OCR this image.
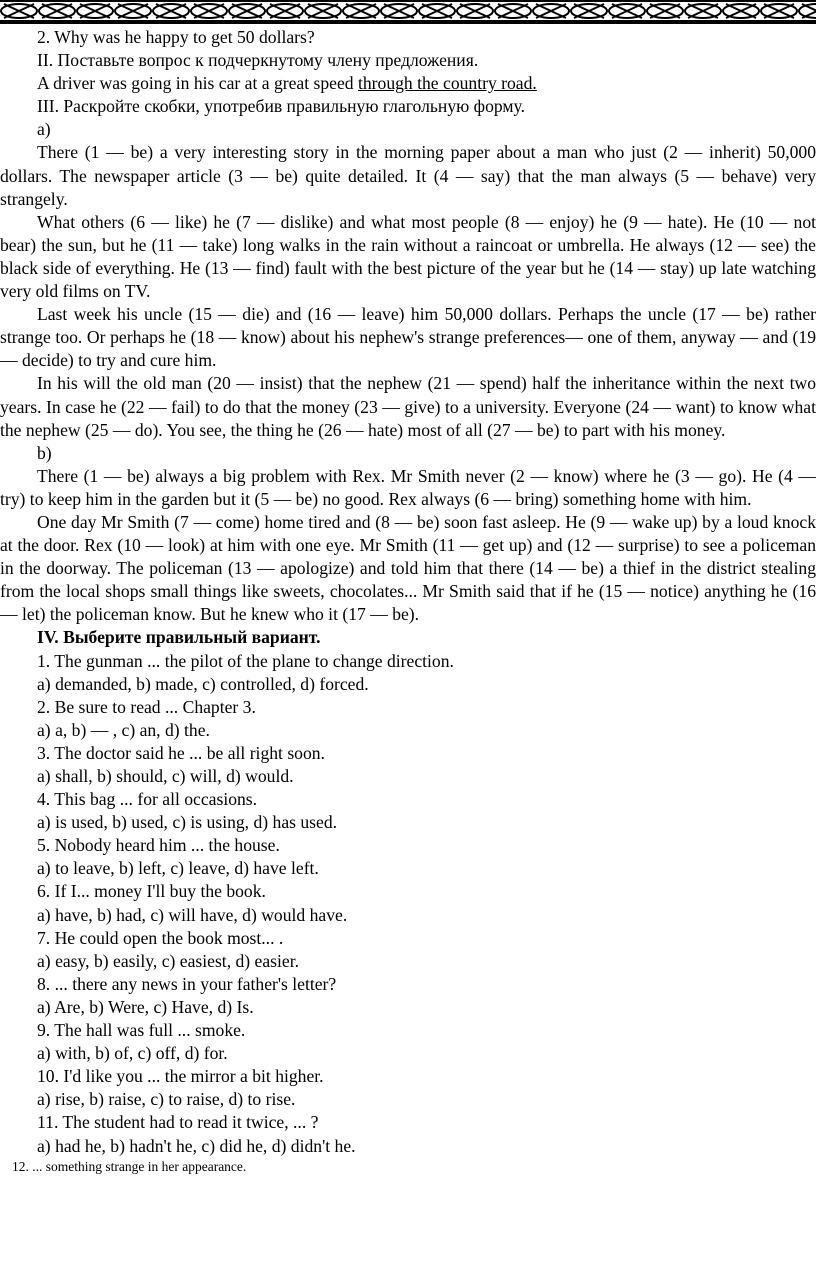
2. Why was he happy to get 50 dollars?

II. Поставьте вопрос к подчеркнутому члену предложения.

A driver was going in his car at a great speed through the country road.

III. Раскройте скобки, употребив правильную глагольную форму.

а)

There (1 — be) a very interesting story in the morning paper about a man who just (2 — inherit) 50,000 dollars. The newspaper article (3 — be) quite detailed. It (4 — say) that the man always (5 — behave) very strangely.

What others (6 — like) he (7 — dislike) and what most people (8 — enjoy) he (9 — hate). He (10 — not bear) the sun, but he (11 — take) long walks in the rain without a raincoat or umbrella. He always (12 — see) the black side of everything. He (13 — find) fault with the best picture of the year but he (14 — stay) up late watching very old films on TV.

Last week his uncle (15 — die) and (16 — leave) him 50,000 dollars. Perhaps the uncle (17 — be) rather strange too. Or perhaps he (18 — know) about his nephew's strange preferences— one of them, anyway — and (19 — decide) to try and cure him.

In his will the old man (20 — insist) that the nephew (21 — spend) half the inheritance within the next two years. In case he (22 — fail) to do that the money (23 — give) to a university. Everyone (24 — want) to know what the nephew (25 — do). You see, the thing he (26 — hate) most of all (27 — be) to part with his money.

b)

There (1 — be) always a big problem with Rex. Mr Smith never (2 — know) where he (3 — go). He (4 — try) to keep him in the garden but it (5 — be) no good. Rex always (6 — bring) something home with him.

One day Mr Smith (7 — come) home tired and (8 — be) soon fast asleep. He (9 — wake up) by a loud knock at the door. Rex (10 — look) at him with one eye. Mr Smith (11 — get up) and (12 — surprise) to see a policeman in the doorway. The policeman (13 — apologize) and told him that there (14 — be) a thief in the district stealing from the local shops small things like sweets, chocolates... Mr Smith said that if he (15 — notice) anything he (16 — let) the policeman know. But he knew who it (17 — be).

IV. Выберите правильный вариант.

1. The gunman ... the pilot of the plane to change direction.

a) demanded, b) made, c) controlled, d) forced.

2. Be sure to read ... Chapter 3.

a) a, b) — , c) an, d) the.

3. The doctor said he ... be all right soon.

a) shall, b) should, c) will, d) would.

4. This bag ... for all occasions.

a) is used, b) used, c) is using, d) has used.

5. Nobody heard him ... the house.

a) to leave, b) left, c) leave, d) have left.

6. If I... money I'll buy the book.

a) have, b) had, c) will have, d) would have.

7. He could open the book most... .

a) easy, b) easily, c) easiest, d) easier.

8. ... there any news in your father's letter?

a) Are, b) Were, c) Have, d) Is.

9. The hall was full ... smoke.

a) with, b) of, c) off, d) for.

10. I'd like you ... the mirror a bit higher.

a) rise, b) raise, c) to raise, d) to rise.

11. The student had to read it twice, ... ?

a) had he, b) hadn't he, c) did he, d) didn't he.

12. ... something strange in her appearance.
